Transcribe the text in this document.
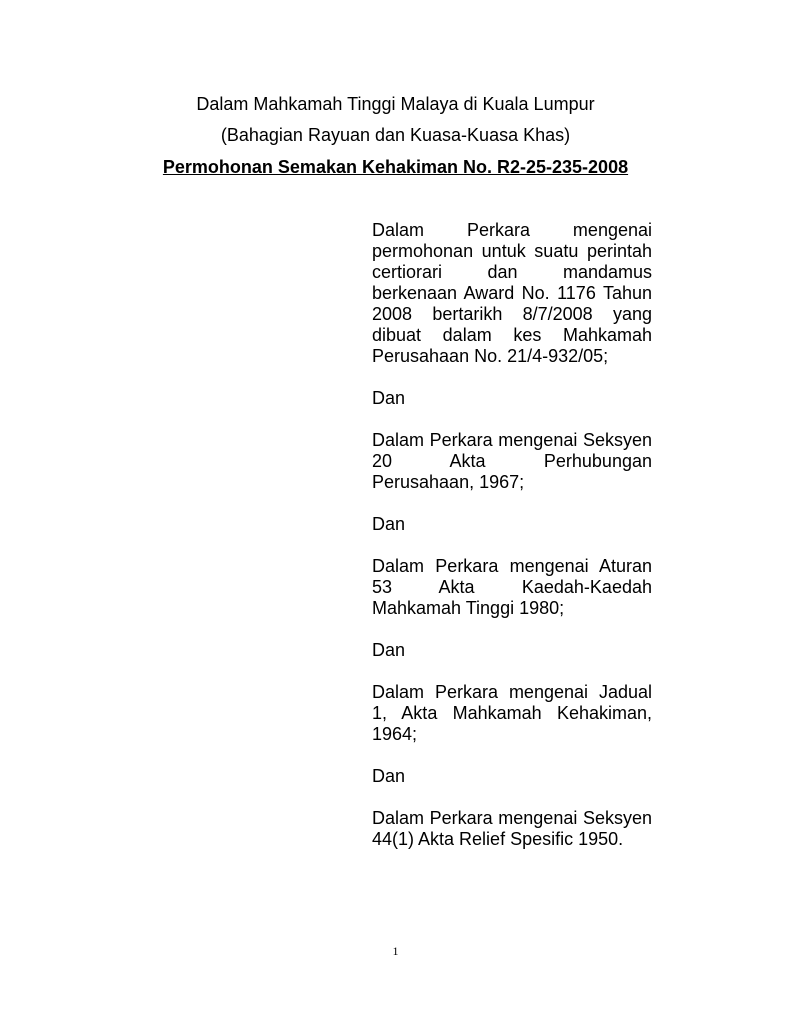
Dalam Mahkamah Tinggi Malaya di Kuala Lumpur
(Bahagian Rayuan dan Kuasa-Kuasa Khas)
Permohonan Semakan Kehakiman No. R2-25-235-2008

Dalam Perkara mengenai permohonan untuk suatu perintah certiorari dan mandamus berkenaan Award No. 1176 Tahun 2008 bertarikh 8/7/2008 yang dibuat dalam kes Mahkamah Perusahaan No. 21/4-932/05;

Dan

Dalam Perkara mengenai Seksyen 20 Akta Perhubungan Perusahaan, 1967;

Dan

Dalam Perkara mengenai Aturan 53 Akta Kaedah-Kaedah Mahkamah Tinggi 1980;

Dan

Dalam Perkara mengenai Jadual 1, Akta Mahkamah Kehakiman, 1964;

Dan

Dalam Perkara mengenai Seksyen 44(1) Akta Relief Spesific 1950.

1
